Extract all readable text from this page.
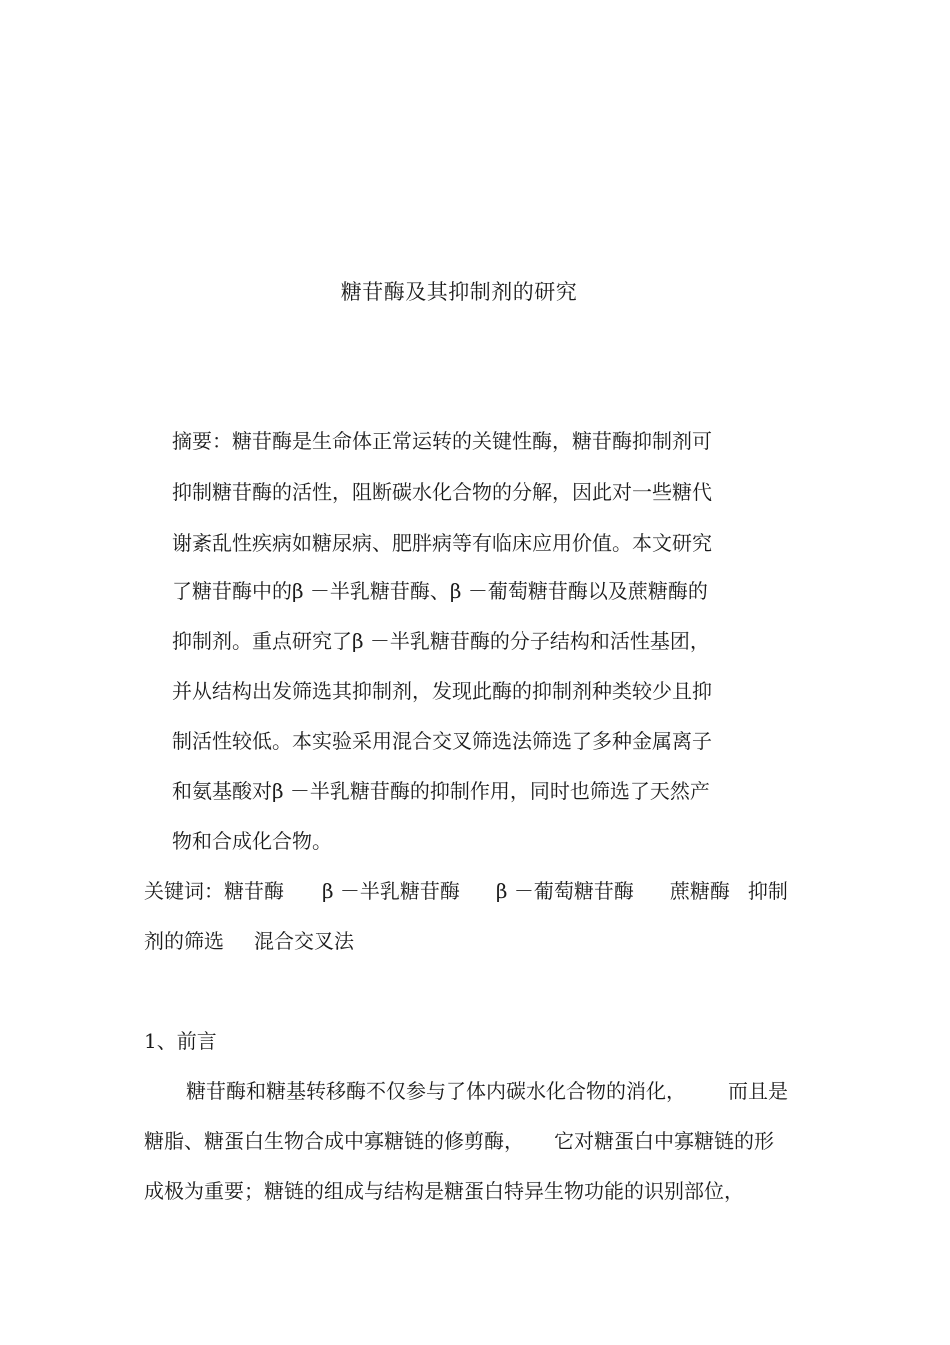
糖苷酶及其抑制剂的研究
摘要：糖苷酶是生命体正常运转的关键性酶，糖苷酶抑制剂可
抑制糖苷酶的活性，阻断碳水化合物的分解，因此对一些糖代
谢紊乱性疾病如糖尿病、肥胖病等有临床应用价值。本文研究
了糖苷酶中的β －半乳糖苷酶、β －葡萄糖苷酶以及蔗糖酶的
抑制剂。重点研究了β －半乳糖苷酶的分子结构和活性基团，
并从结构出发筛选其抑制剂，发现此酶的抑制剂种类较少且抑
制活性较低。本实验采用混合交叉筛选法筛选了多种金属离子
和氨基酸对β －半乳糖苷酶的抑制作用，同时也筛选了天然产
物和合成化合物。
关键词：糖苷酶 β －半乳糖苷酶 β －葡萄糖苷酶 蔗糖酶 抑制
剂的筛选 混合交叉法
1、前言
糖苷酶和糖基转移酶不仅参与了体内碳水化合物的消化， 而且是
糖脂、糖蛋白生物合成中寡糖链的修剪酶， 它对糖蛋白中寡糖链的形
成极为重要；糖链的组成与结构是糖蛋白特异生物功能的识别部位，
